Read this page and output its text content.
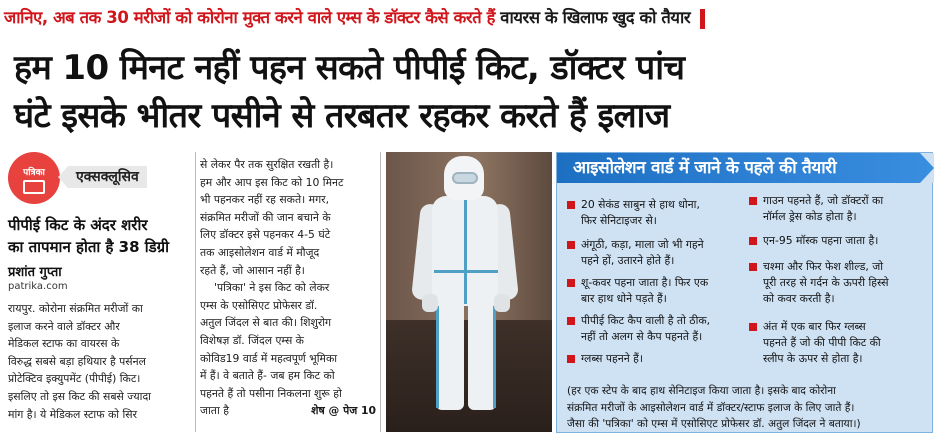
जानिए, अब तक 30 मरीजों को कोरोना मुक्त करने वाले एम्स के डॉक्टर कैसे करते हैं वायरस के खिलाफ खुद को तैयार
हम 10 मिनट नहीं पहन सकते पीपीई किट, डॉक्टर पांच
घंटे इसके भीतर पसीने से तरबतर रहकर करते हैं इलाज
पत्रिका	एक्सक्लूसिव
पीपीई किट के अंदर शरीर
का तापमान होता है 38 डिग्री
प्रशांत गुप्ता
patrika.com
रायपुर. कोरोना संक्रमित मरीजों का
इलाज करने वाले डॉक्टर और
मेडिकल स्टाफ का वायरस के
विरुद्ध सबसे बड़ा हथियार है पर्सनल
प्रोटेक्टिव इक्युपमेंट (पीपीई) किट।
इसलिए तो इस किट की सबसे ज्यादा
मांग है। ये मेडिकल स्टाफ को सिर
से लेकर पैर तक सुरक्षित रखती है।
हम और आप इस किट को 10 मिनट
भी पहनकर नहीं रह सकते। मगर,
संक्रमित मरीजों की जान बचाने के
लिए डॉक्टर इसे पहनकर 4-5 घंटे
तक आइसोलेशन वार्ड में मौजूद
रहते हैं, जो आसान नहीं है।
'पत्रिका' ने इस किट को लेकर
एम्स के एसोसिएट प्रोफेसर डॉ.
अतुल जिंदल से बात की। शिशुरोग
विशेषज्ञ डॉ. जिंदल एम्स के
कोविड19 वार्ड में महत्वपूर्ण भूमिका
में हैं। वे बताते हैं- जब हम किट को
पहनते हैं तो पसीना निकलना शुरू हो
जाता है	शेष @ पेज 10
आइसोलेशन वार्ड में जाने के पहले की तैयारी
20 सेकंड साबुन से हाथ धोना,
फिर सेनिटाइजर से।
अंगूठी, कड़ा, माला जो भी गहने
पहने हों, उतारने होते हैं।
शू-कवर पहना जाता है। फिर एक
बार हाथ धोने पड़ते हैं।
पीपीई किट कैप वाली है तो ठीक,
नहीं तो अलग से कैप पहनते हैं।
ग्लब्स पहनने हैं।
गाउन पहनते हैं, जो डॉक्टरों का
नॉर्मल ड्रेस कोड होता है।
एन-95 मॉस्क पहना जाता है।
चश्मा और फिर फेश शील्ड, जो
पूरी तरह से गर्दन के ऊपरी हिस्से
को कवर करती है।
अंत में एक बार फिर ग्लब्स
पहनते हैं जो की पीपी किट की
स्लीप के ऊपर से होता है।
(हर एक स्टेप के बाद हाथ सेनिटाइज किया जाता है। इसके बाद कोरोना
संक्रमित मरीजों के आइसोलेशन वार्ड में डॉक्टर/स्टाफ इलाज के लिए जाते हैं।
जैसा की 'पत्रिका' को एम्स में एसोसिएट प्रोफेसर डॉ. अतुल जिंदल ने बताया।)
